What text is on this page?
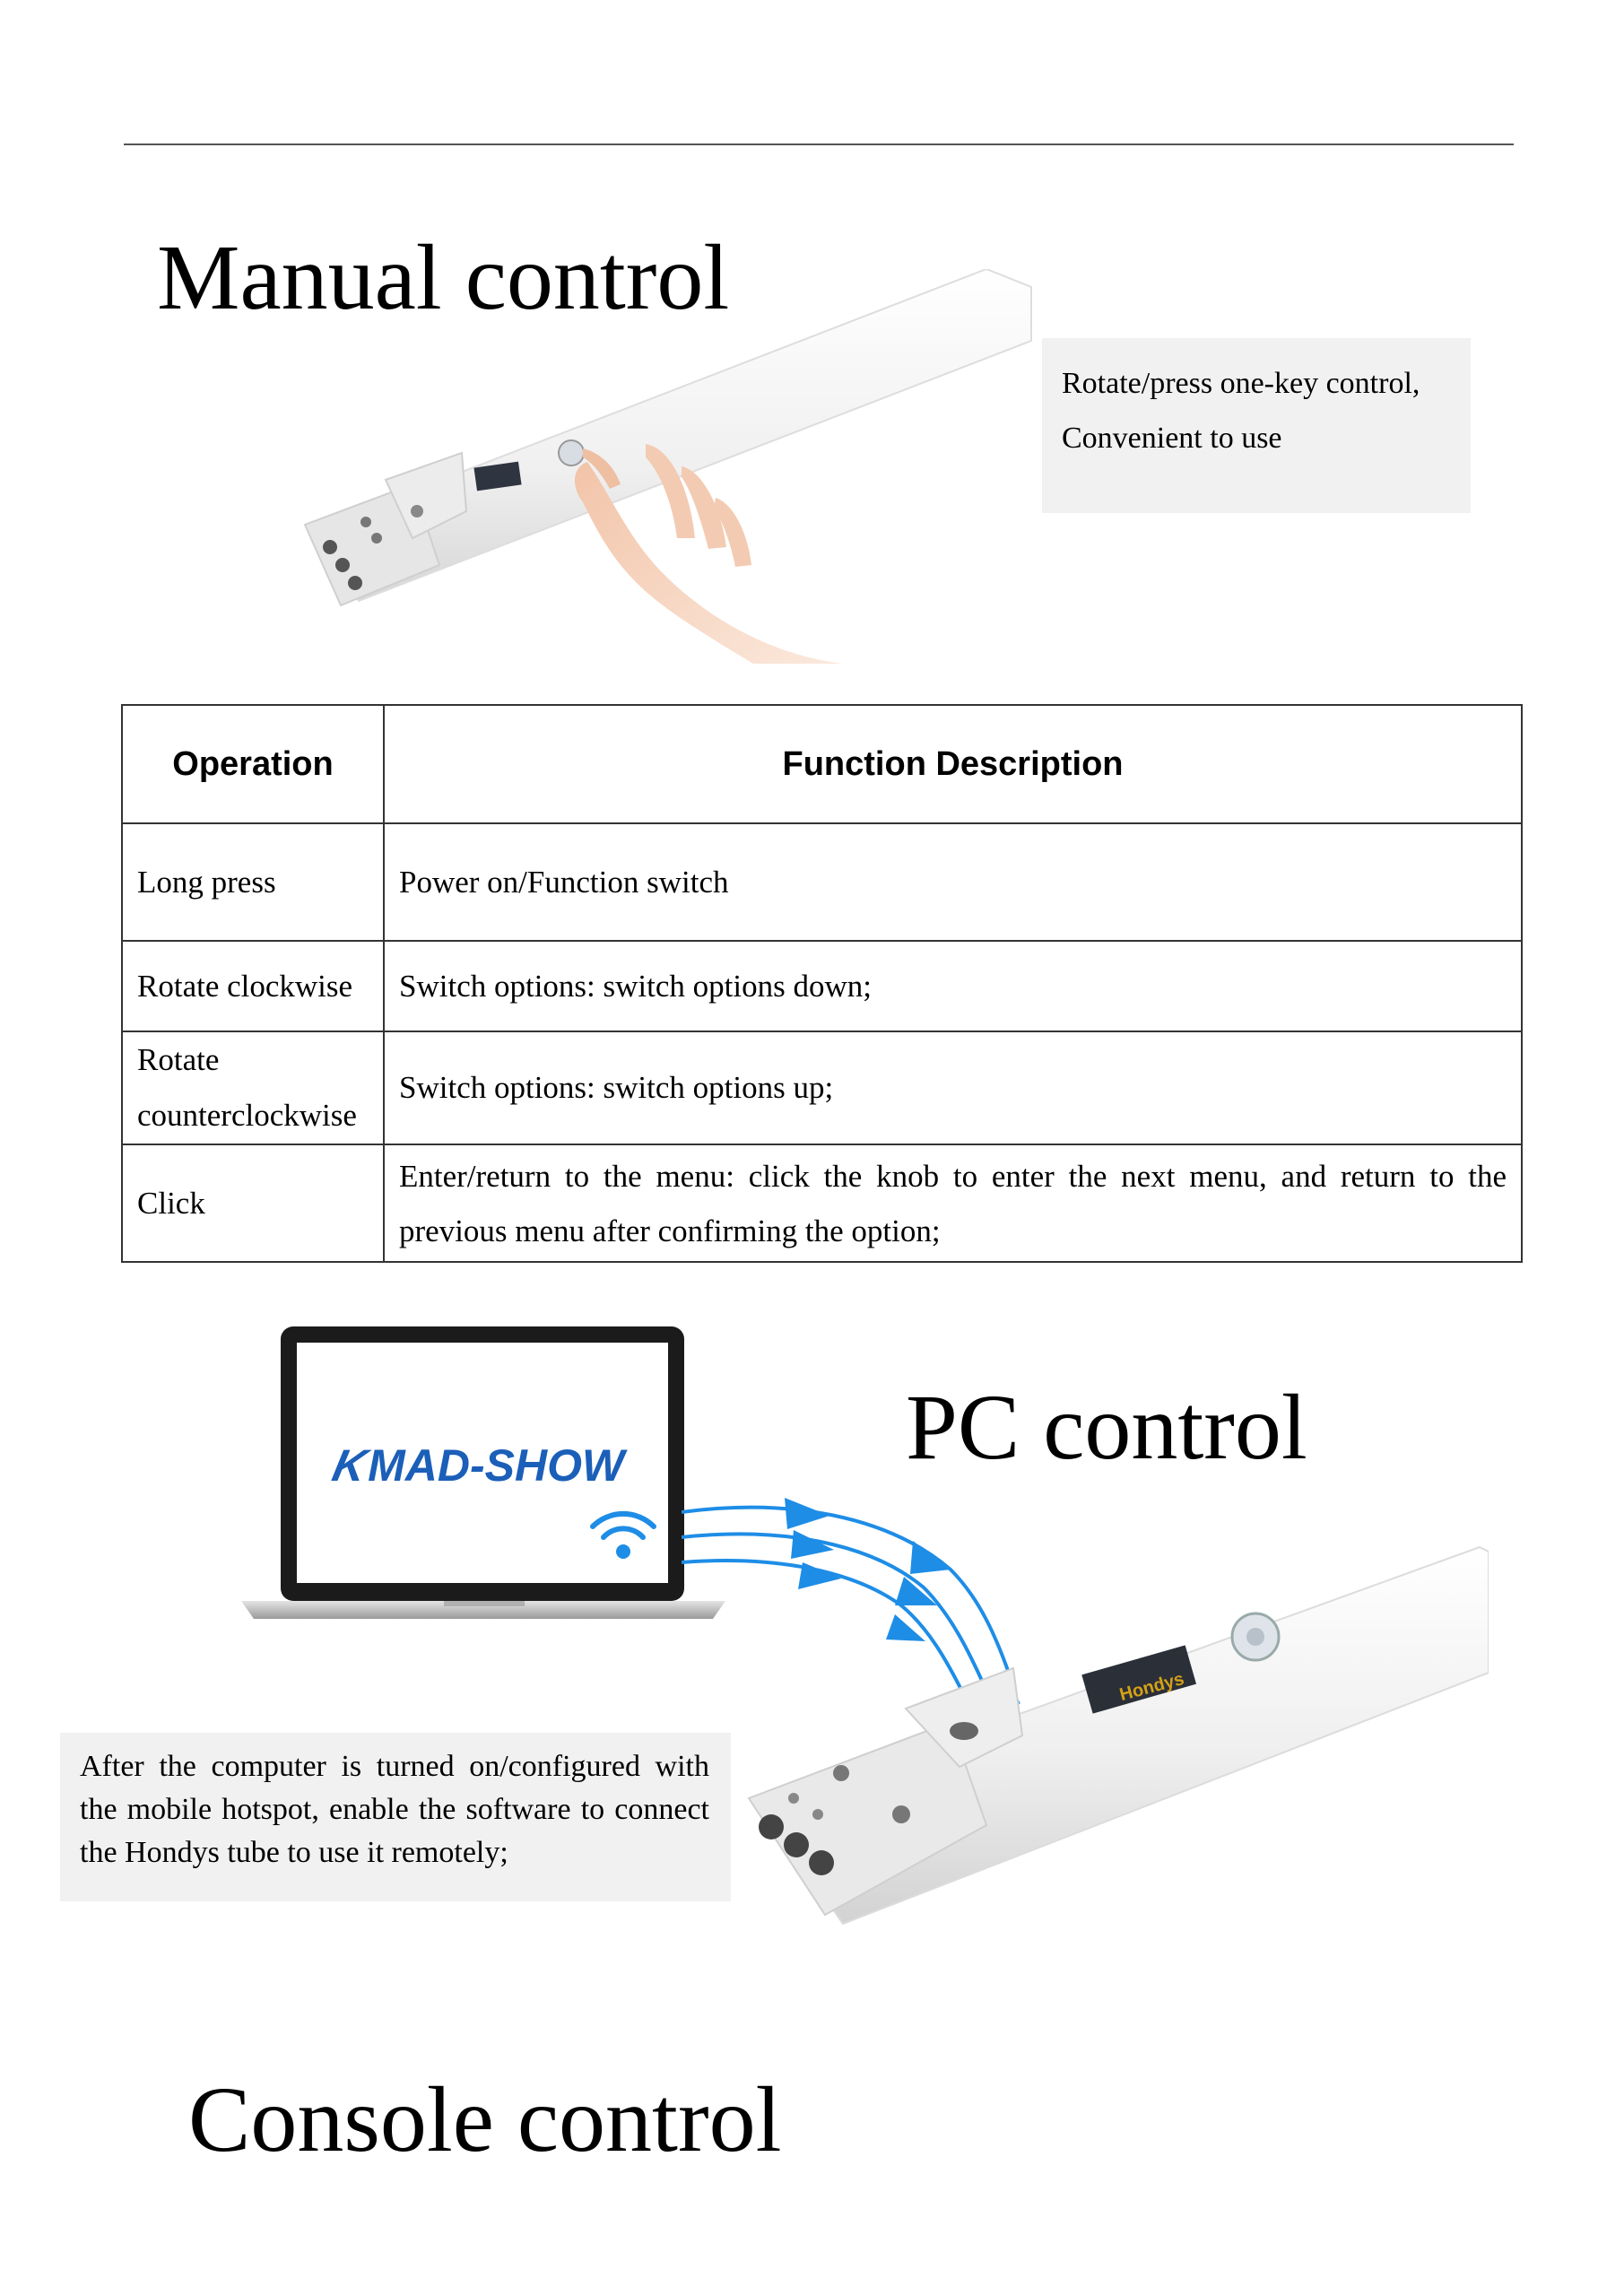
Manual control
Rotate/press one-key control,
Convenient to use
Operation	Function Description
Long press	Power on/Function switch
Rotate clockwise	Switch options: switch options down;

Rotate
counterclockwise	Switch options: switch options up;
Click	Enter/return to the menu: click the knob to enter the next menu, and return to the previous menu after confirming the option;
KMAD-SHOW	PC control
Hondys
After the computer is turned on/configured with the mobile hotspot, enable the software to connect the Hondys tube to use it remotely;
Console control
